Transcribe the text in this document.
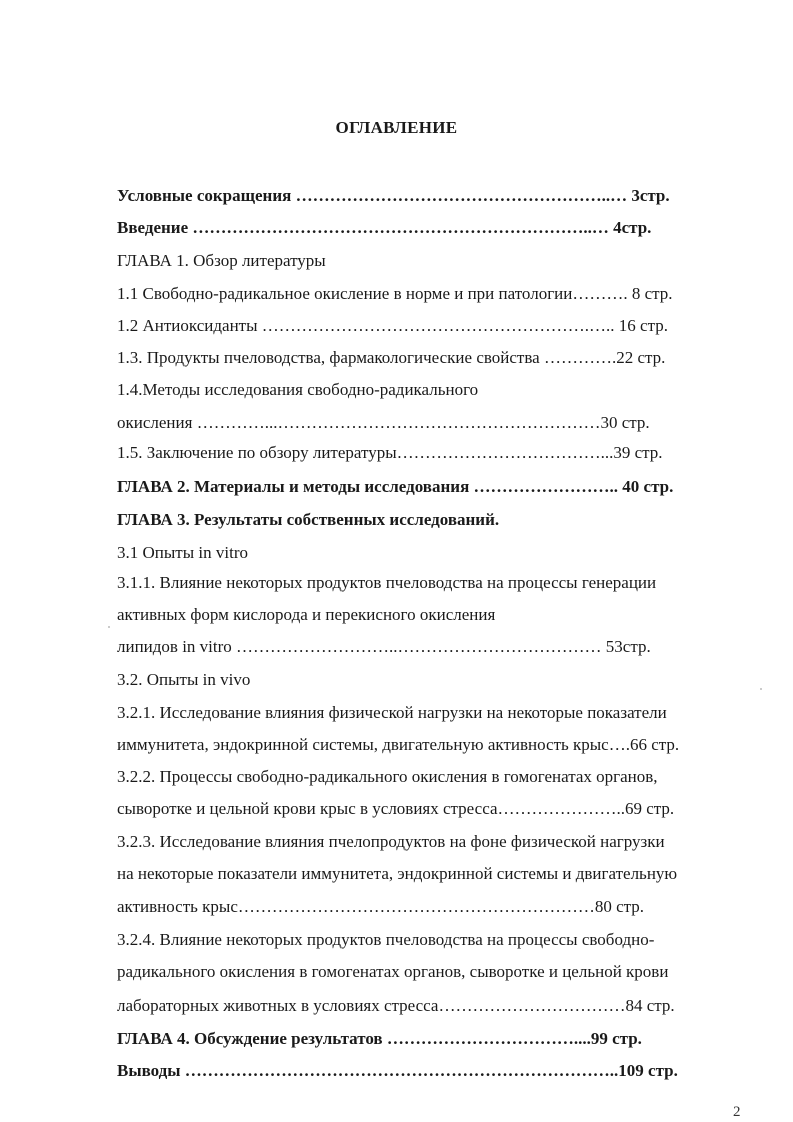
ОГЛАВЛЕНИЕ
Условные сокращения ………………………………………………..… 3стр.
Введение ……………………………………………………………..… 4стр.
ГЛАВА 1. Обзор литературы
1.1 Свободно-радикальное окисление в норме и при патологии………. 8 стр.
1.2 Антиоксиданты ………………………………………………….….. 16 стр.
1.3. Продукты пчеловодства, фармакологические свойства ………….22 стр.
1.4.Методы исследования свободно-радикального
окисления …………...…………………………………………………30 стр.
1.5. Заключение по обзору литературы………………………………...39 стр.
ГЛАВА 2. Материалы и методы исследования …………………….. 40 стр.
ГЛАВА 3. Результаты собственных исследований.
3.1 Опыты in vitro
3.1.1. Влияние некоторых продуктов пчеловодства на процессы генерации
активных форм кислорода и перекисного окисления
липидов in vitro ………………………..……………………………… 53стр.
3.2. Опыты in vivo
3.2.1. Исследование влияния физической нагрузки на некоторые показатели
иммунитета, эндокринной системы, двигательную активность крыс….66 стр.
3.2.2. Процессы свободно-радикального окисления в гомогенатах органов,
сыворотке и цельной крови крыс в условиях стресса…………………..69 стр.
3.2.3. Исследование влияния пчелопродуктов на фоне физической нагрузки
на некоторые показатели иммунитета, эндокринной системы и двигательную
активность крыс………………………………………………………80 стр.
3.2.4. Влияние некоторых продуктов пчеловодства на процессы свободно-
радикального окисления в гомогенатах органов, сыворотке и цельной крови
лабораторных животных в условиях стресса……………………………84 стр.
ГЛАВА 4. Обсуждение результатов ……………………………....99 стр.
Выводы …………………………………………………………………..109 стр.
2
